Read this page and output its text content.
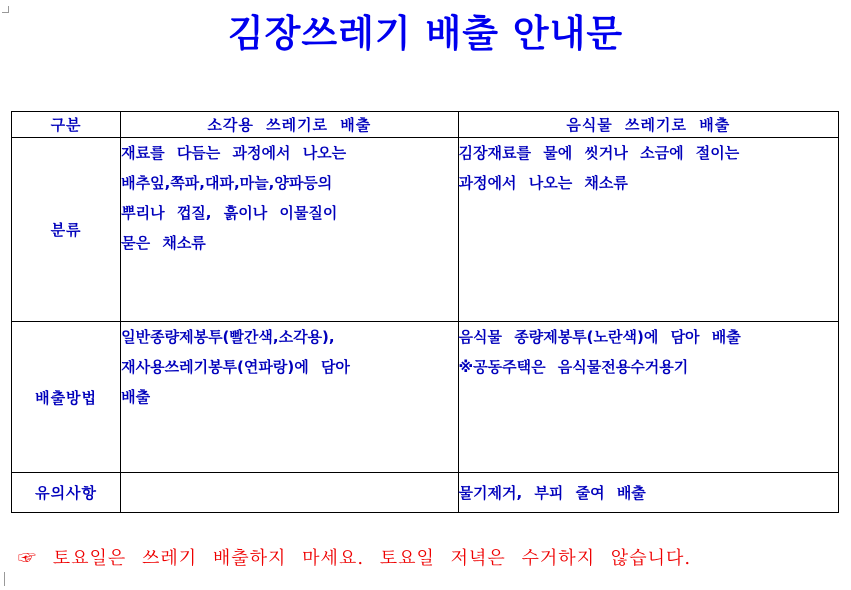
김장쓰레기 배출 안내문
구분	소각용 쓰레기로 배출	음식물 쓰레기로 배출
분류	재료를 다듬는 과정에서 나오는
배추잎,쪽파,대파,마늘,양파등의
뿌리나 껍질, 흙이나 이물질이
묻은 채소류	김장재료를 물에 씻거나 소금에 절이는
과정에서 나오는 채소류

배출방법	일반종량제봉투(빨간색,소각용),
재사용쓰레기봉투(연파랑)에 담아
배출	음식물 종량제봉투(노란색)에 담아 배출
※공동주택은 음식물전용수거용기

유의사항		물기제거, 부피 줄여 배출
☞ 토요일은 쓰레기 배출하지 마세요. 토요일 저녁은 수거하지 않습니다.
